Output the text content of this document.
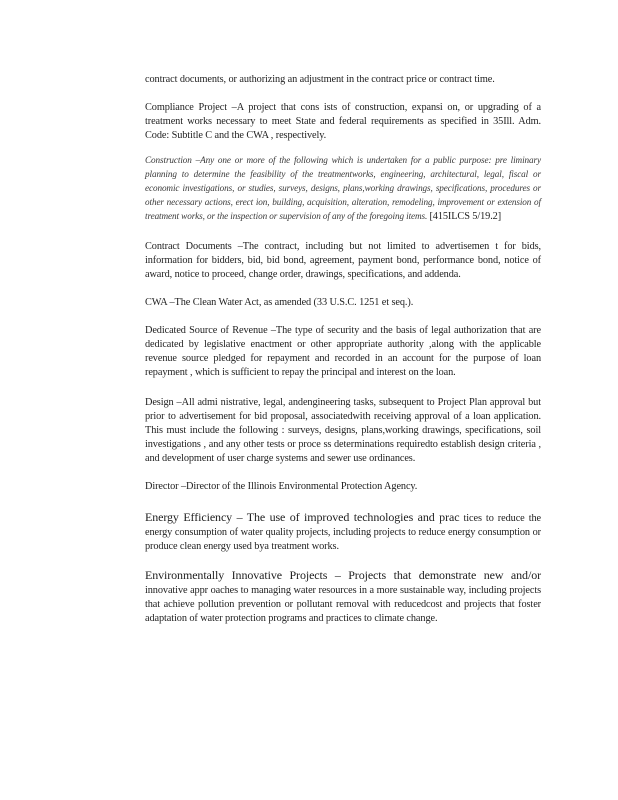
contract documents, or authorizing an adjustment in the contract price or contract time.

Compliance Project –A project that cons ists of construction, expansi on, or upgrading of a treatment works necessary to meet State and federal requirements as specified in 35Ill. Adm. Code: Subtitle C and the CWA , respectively.

Construction –Any one or more of the following which is undertaken for a public purpose: pre liminary planning to determine the feasibility of the treatmentworks, engineering, architectural, legal, fiscal or economic investigations, or studies, surveys, designs, plans,working drawings, specifications, procedures or other necessary actions, erect ion, building, acquisition, alteration, remodeling, improvement or extension of treatment works, or the inspection or supervision of any of the foregoing items. [415ILCS 5/19.2]

Contract Documents –The contract, including but not limited to advertisemen t for bids, information for bidders, bid, bid bond, agreement, payment bond, performance bond, notice of award, notice to proceed, change order, drawings, specifications, and addenda.

CWA –The Clean Water Act, as amended (33 U.S.C. 1251 et seq.).

Dedicated Source of Revenue –The type of security and the basis of legal authorization that are dedicated by legislative enactment or other appropriate authority ,along with the applicable revenue source pledged for repayment and recorded in an account for the purpose of loan repayment , which is sufficient to repay the principal and interest on the loan.

Design –All admi nistrative, legal, andengineering tasks, subsequent to Project Plan approval but prior to advertisement for bid proposal, associatedwith receiving approval of a loan application. This must include the following : surveys, designs, plans,working drawings, specifications, soil investigations , and any other tests or proce ss determinations requiredto establish design criteria , and development of user charge systems and sewer use ordinances.

Director –Director of the Illinois Environmental Protection Agency.

Energy Efficiency – The use of improved technologies and prac tices to reduce the energy consumption of water quality projects, including projects to reduce energy consumption or produce clean energy used bya treatment works.

Environmentally Innovative Projects – Projects that demonstrate new and/or innovative appr oaches to managing water resources in a more sustainable way, including projects that achieve pollution prevention or pollutant removal with reducedcost and projects that foster adaptation of water protection programs and practices to climate change.
